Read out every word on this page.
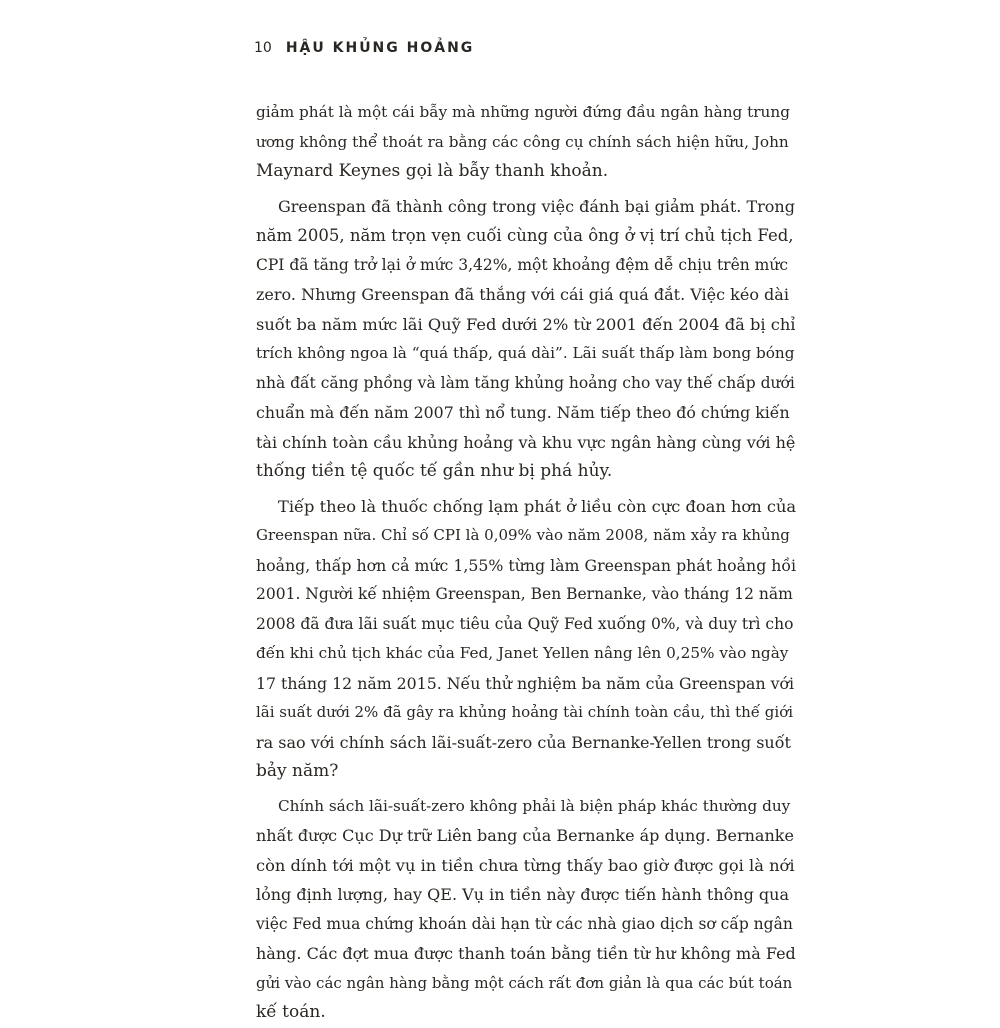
10 HẬU KHỦNG HOẢNG
giảm phát là một cái bẫy mà những người đứng đầu ngân hàng trung
ương không thể thoát ra bằng các công cụ chính sách hiện hữu, John
Maynard Keynes gọi là bẫy thanh khoản.
Greenspan đã thành công trong việc đánh bại giảm phát. Trong
năm 2005, năm trọn vẹn cuối cùng của ông ở vị trí chủ tịch Fed,
CPI đã tăng trở lại ở mức 3,42%, một khoảng đệm dễ chịu trên mức
zero. Nhưng Greenspan đã thắng với cái giá quá đắt. Việc kéo dài
suốt ba năm mức lãi Quỹ Fed dưới 2% từ 2001 đến 2004 đã bị chỉ
trích không ngoa là “quá thấp, quá dài”. Lãi suất thấp làm bong bóng
nhà đất căng phồng và làm tăng khủng hoảng cho vay thế chấp dưới
chuẩn mà đến năm 2007 thì nổ tung. Năm tiếp theo đó chứng kiến
tài chính toàn cầu khủng hoảng và khu vực ngân hàng cùng với hệ
thống tiền tệ quốc tế gần như bị phá hủy.
Tiếp theo là thuốc chống lạm phát ở liều còn cực đoan hơn của
Greenspan nữa. Chỉ số CPI là 0,09% vào năm 2008, năm xảy ra khủng
hoảng, thấp hơn cả mức 1,55% từng làm Greenspan phát hoảng hồi
2001. Người kế nhiệm Greenspan, Ben Bernanke, vào tháng 12 năm
2008 đã đưa lãi suất mục tiêu của Quỹ Fed xuống 0%, và duy trì cho
đến khi chủ tịch khác của Fed, Janet Yellen nâng lên 0,25% vào ngày
17 tháng 12 năm 2015. Nếu thử nghiệm ba năm của Greenspan với
lãi suất dưới 2% đã gây ra khủng hoảng tài chính toàn cầu, thì thế giới
ra sao với chính sách lãi-suất-zero của Bernanke-Yellen trong suốt
bảy năm?
Chính sách lãi-suất-zero không phải là biện pháp khác thường duy
nhất được Cục Dự trữ Liên bang của Bernanke áp dụng. Bernanke
còn dính tới một vụ in tiền chưa từng thấy bao giờ được gọi là nới
lỏng định lượng, hay QE. Vụ in tiền này được tiến hành thông qua
việc Fed mua chứng khoán dài hạn từ các nhà giao dịch sơ cấp ngân
hàng. Các đợt mua được thanh toán bằng tiền từ hư không mà Fed
gửi vào các ngân hàng bằng một cách rất đơn giản là qua các bút toán
kế toán.
